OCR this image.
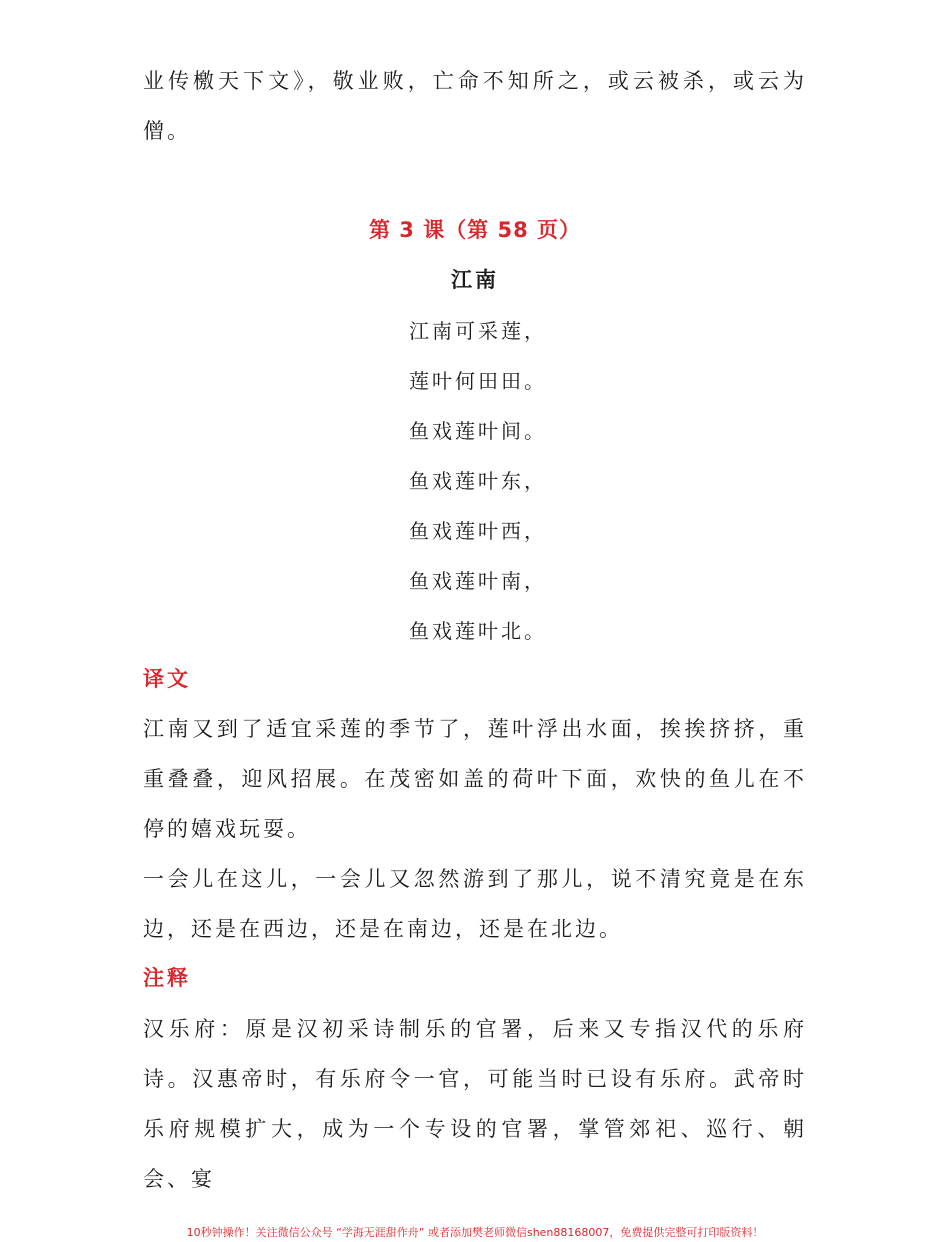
业传檄天下文》，敬业败，亡命不知所之，或云被杀，或云为僧。

第 3 课（第 58 页）
江南
江南可采莲，
莲叶何田田。
鱼戏莲叶间。
鱼戏莲叶东，
鱼戏莲叶西，
鱼戏莲叶南，
鱼戏莲叶北。
译文

江南又到了适宜采莲的季节了，莲叶浮出水面，挨挨挤挤，重重叠叠，迎风招展。在茂密如盖的荷叶下面，欢快的鱼儿在不停的嬉戏玩耍。

一会儿在这儿，一会儿又忽然游到了那儿，说不清究竟是在东边，还是在西边，还是在南边，还是在北边。

注释

汉乐府：原是汉初采诗制乐的官署，后来又专指汉代的乐府诗。汉惠帝时，有乐府令一官，可能当时已设有乐府。武帝时乐府规模扩大，成为一个专设的官署，掌管郊祀、巡行、朝会、宴

10秒钟操作！关注微信公众号 “学海无涯甜作舟” 或者添加樊老师微信shen88168007，免费提供完整可打印版资料！
